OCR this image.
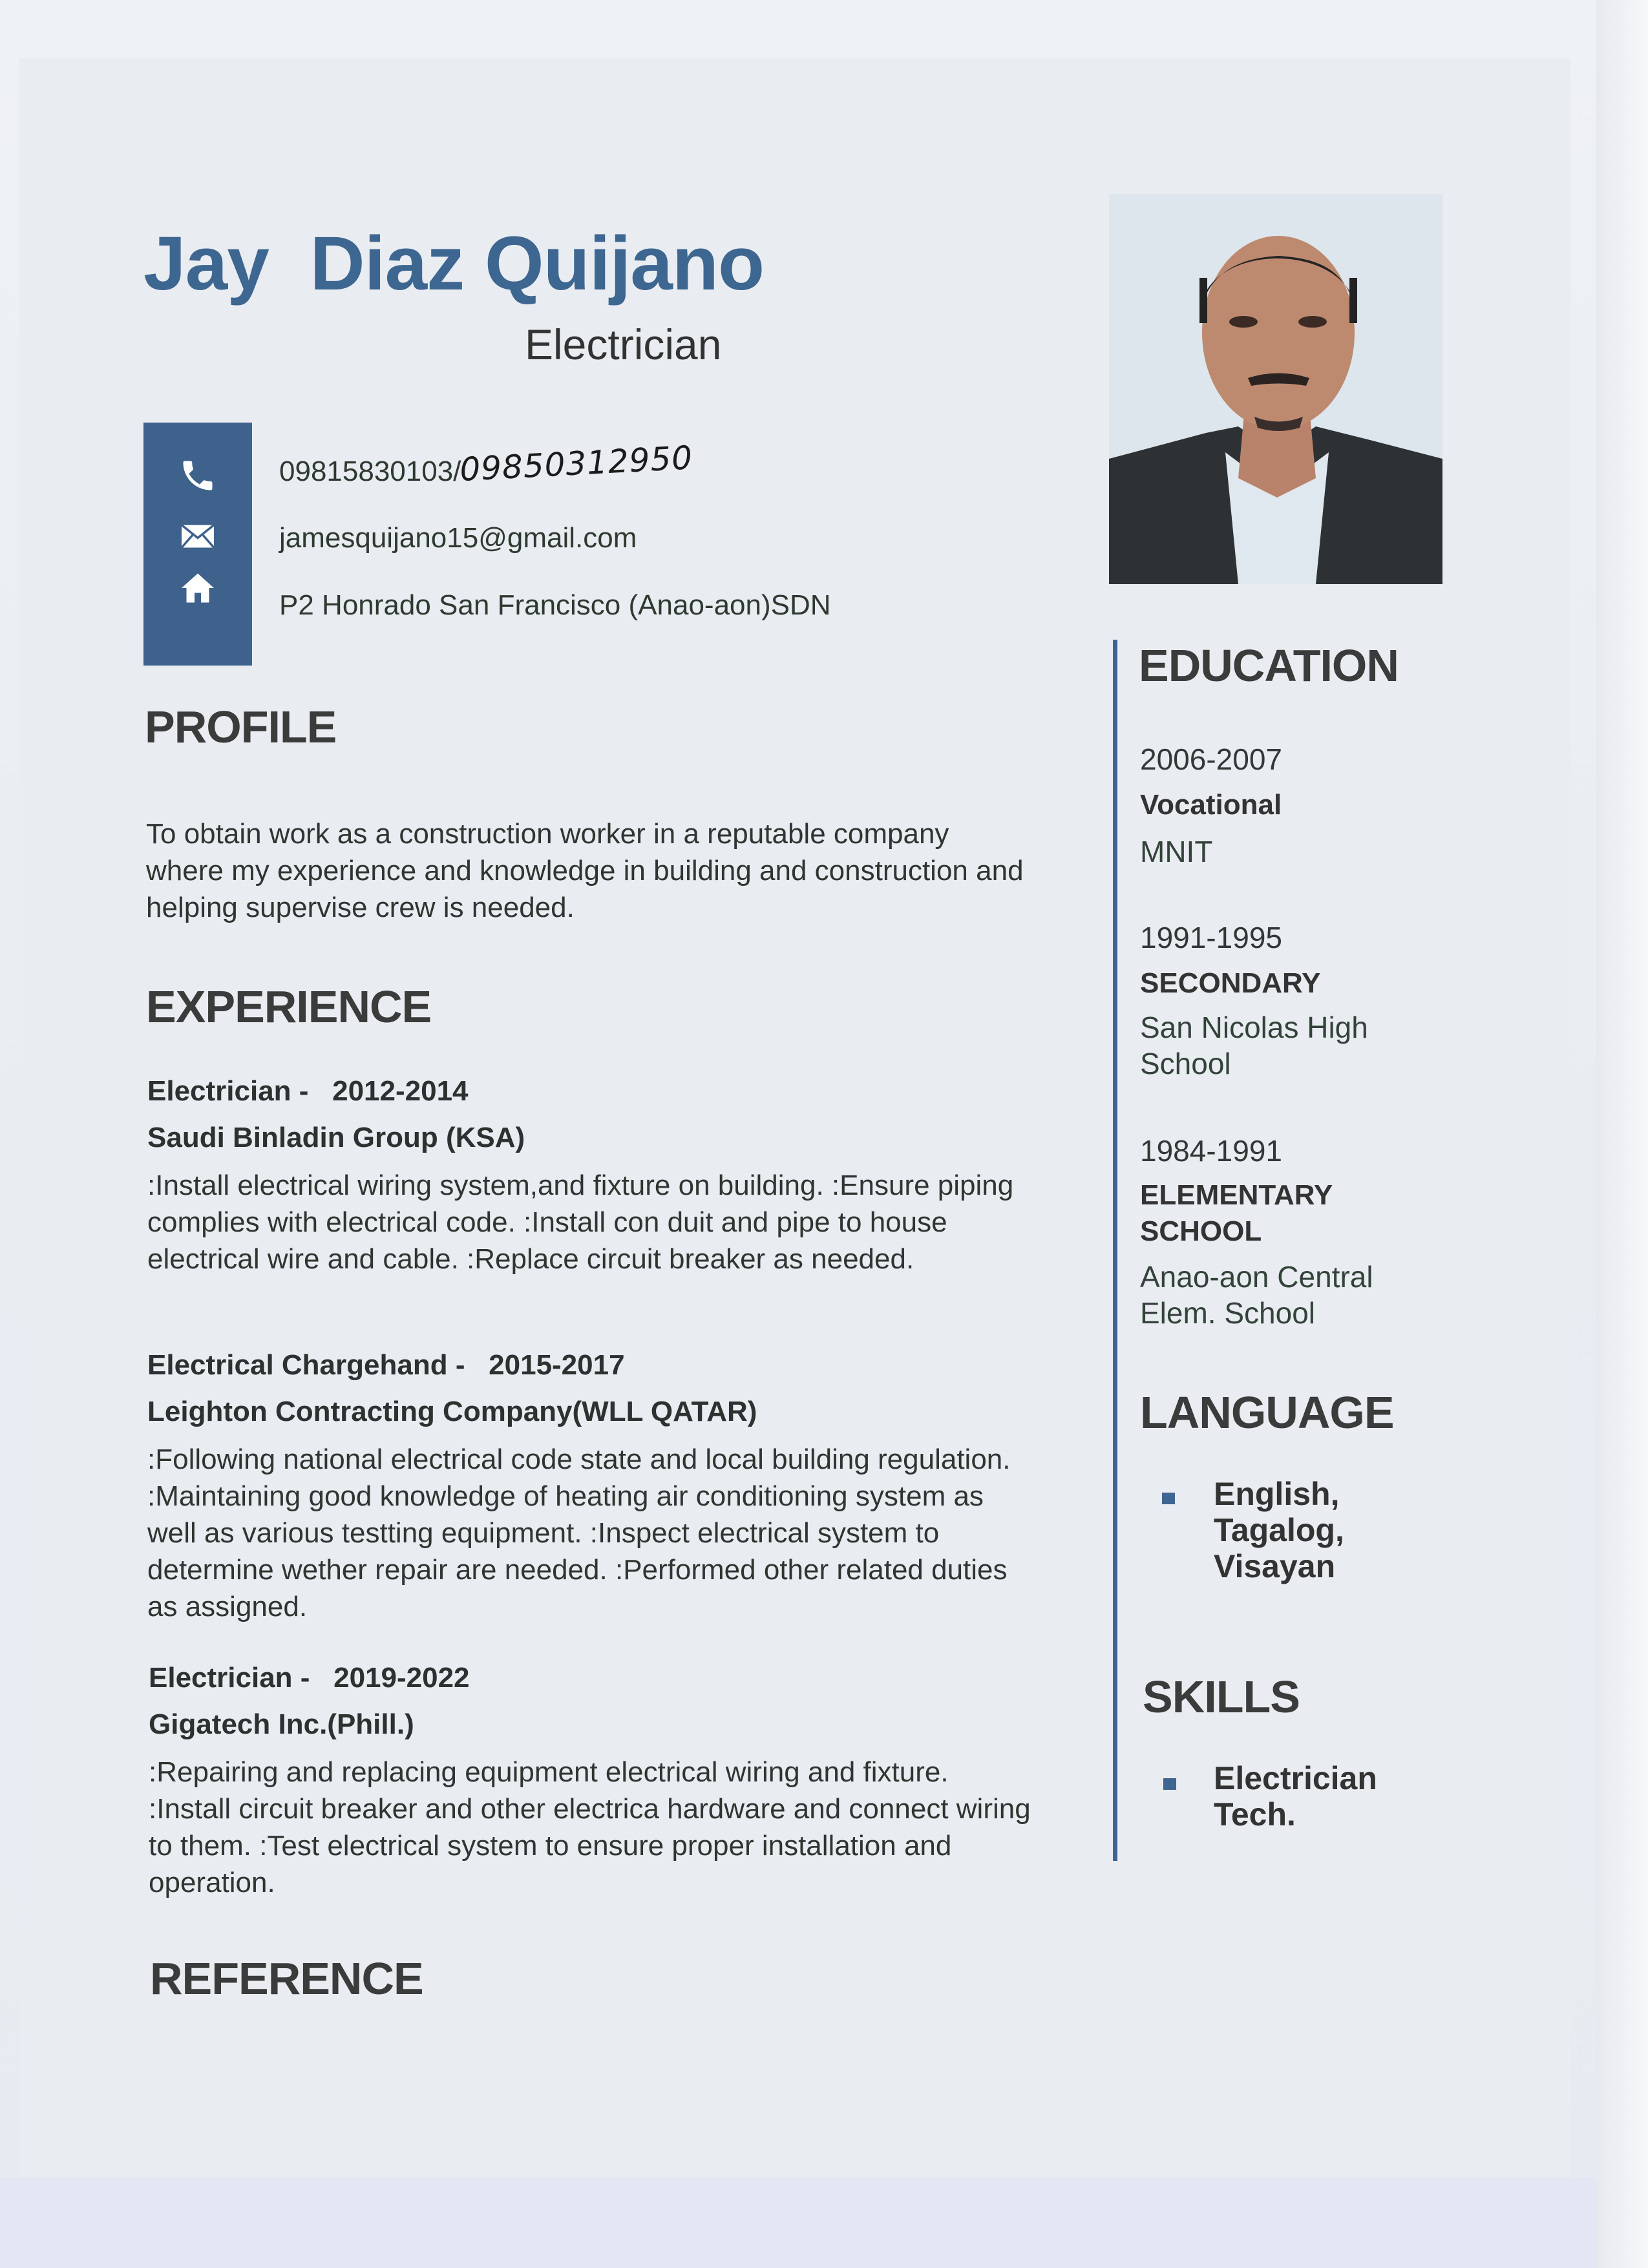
Jay  Diaz Quijano
Electrician
09815830103/09850312950
jamesquijano15@gmail.com
P2 Honrado San Francisco (Anao-aon)SDN
PROFILE
To obtain work as a construction worker in a reputable company where my experience and knowledge in building and construction and helping supervise crew is needed.
EXPERIENCE
Electrician -   2012-2014
Saudi Binladin Group (KSA)
:Install electrical wiring system,and fixture on building. :Ensure piping complies with electrical code. :Install con duit and pipe to house electrical wire and cable. :Replace circuit breaker as needed.
Electrical Chargehand -   2015-2017
Leighton Contracting Company(WLL QATAR)
:Following national electrical code state and local building regulation. :Maintaining good knowledge of heating air conditioning system as well as various testting equipment. :Inspect electrical system to determine wether repair are needed. :Performed other related duties as assigned.
Electrician -   2019-2022
Gigatech Inc.(Phill.)
:Repairing and replacing equipment electrical wiring and fixture. :Install circuit breaker and other electrica hardware and connect wiring to them. :Test electrical system to ensure proper installation and operation.
REFERENCE
EDUCATION
2006-2007
Vocational
MNIT
1991-1995
SECONDARY
San Nicolas High School
1984-1991
ELEMENTARY SCHOOL
Anao-aon Central Elem. School
LANGUAGE
English, Tagalog, Visayan
SKILLS
Electrician Tech.
